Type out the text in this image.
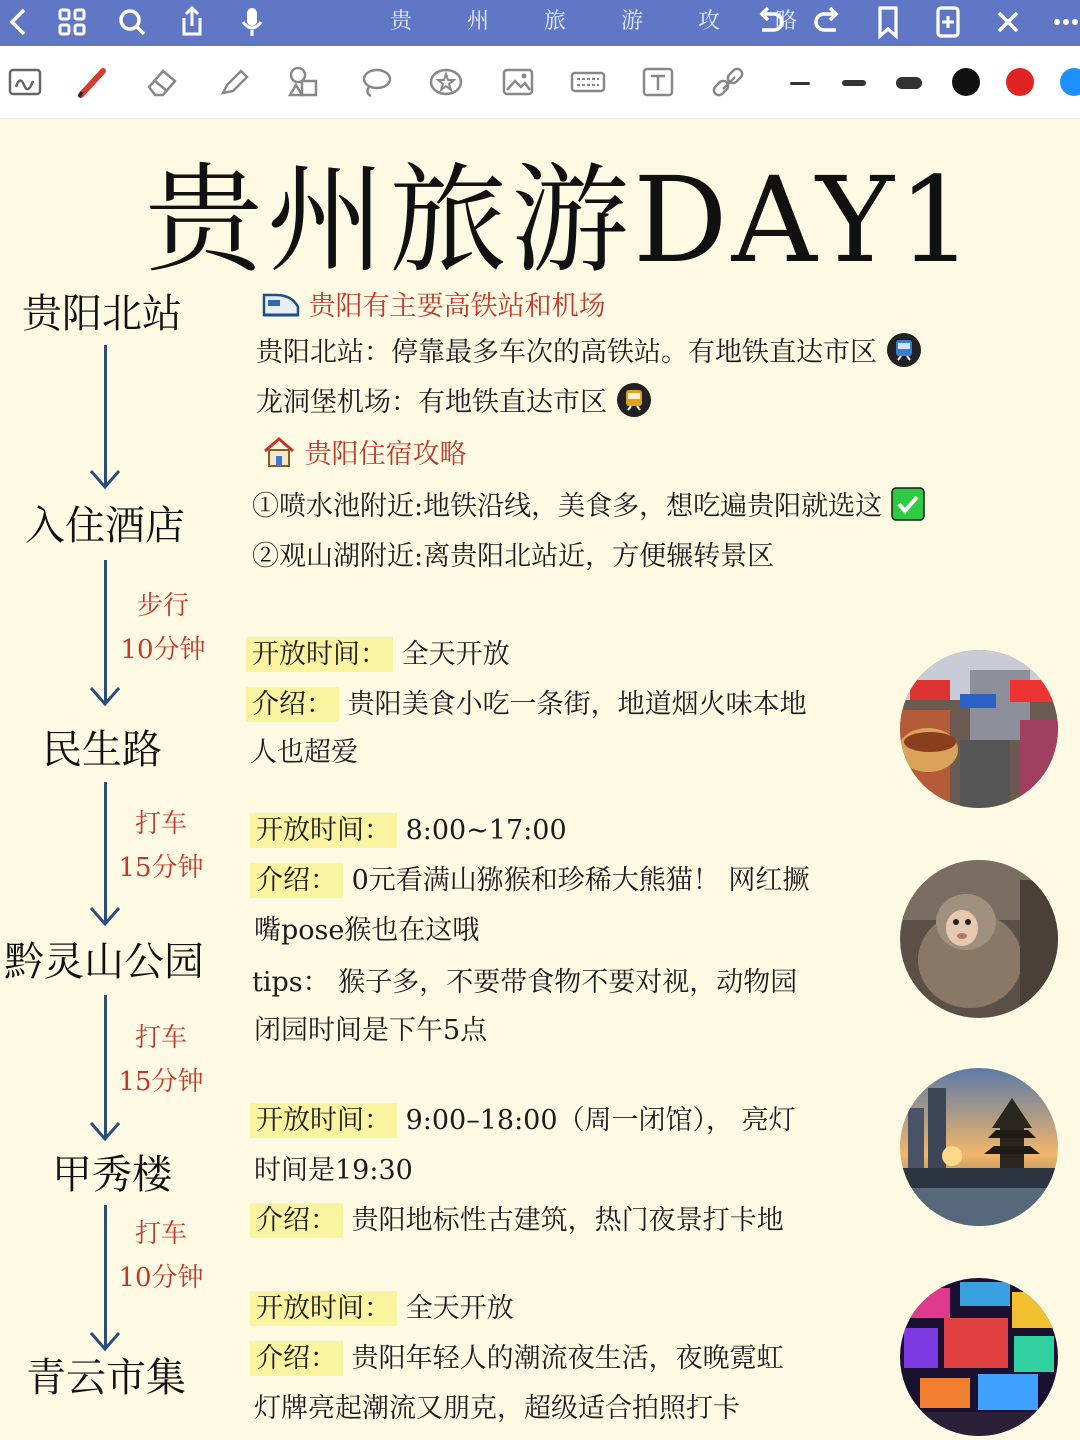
贵 州 旅 游 攻 略
贵州旅游DAY1
贵阳北站
入住酒店
步行
10分钟
民生路
打车
15分钟
黔灵山公园
打车
15分钟
甲秀楼
打车
10分钟
青云市集
贵阳有主要高铁站和机场
贵阳北站：停靠最多车次的高铁站。有地铁直达市区
龙洞堡机场：有地铁直达市区
贵阳住宿攻略
①喷水池附近:地铁沿线，美食多，想吃遍贵阳就选这
②观山湖附近:离贵阳北站近，方便辗转景区
开放时间： 全天开放
介绍： 贵阳美食小吃一条街，地道烟火味本地
人也超爱
开放时间： 8:00~17:00
介绍： 0元看满山猕猴和珍稀大熊猫！ 网红撅
嘴pose猴也在这哦
tips： 猴子多，不要带食物不要对视，动物园
闭园时间是下午5点
开放时间： 9:00–18:00（周一闭馆）， 亮灯
时间是19:30
介绍： 贵阳地标性古建筑，热门夜景打卡地
开放时间： 全天开放
介绍： 贵阳年轻人的潮流夜生活，夜晚霓虹
灯牌亮起潮流又朋克，超级适合拍照打卡
